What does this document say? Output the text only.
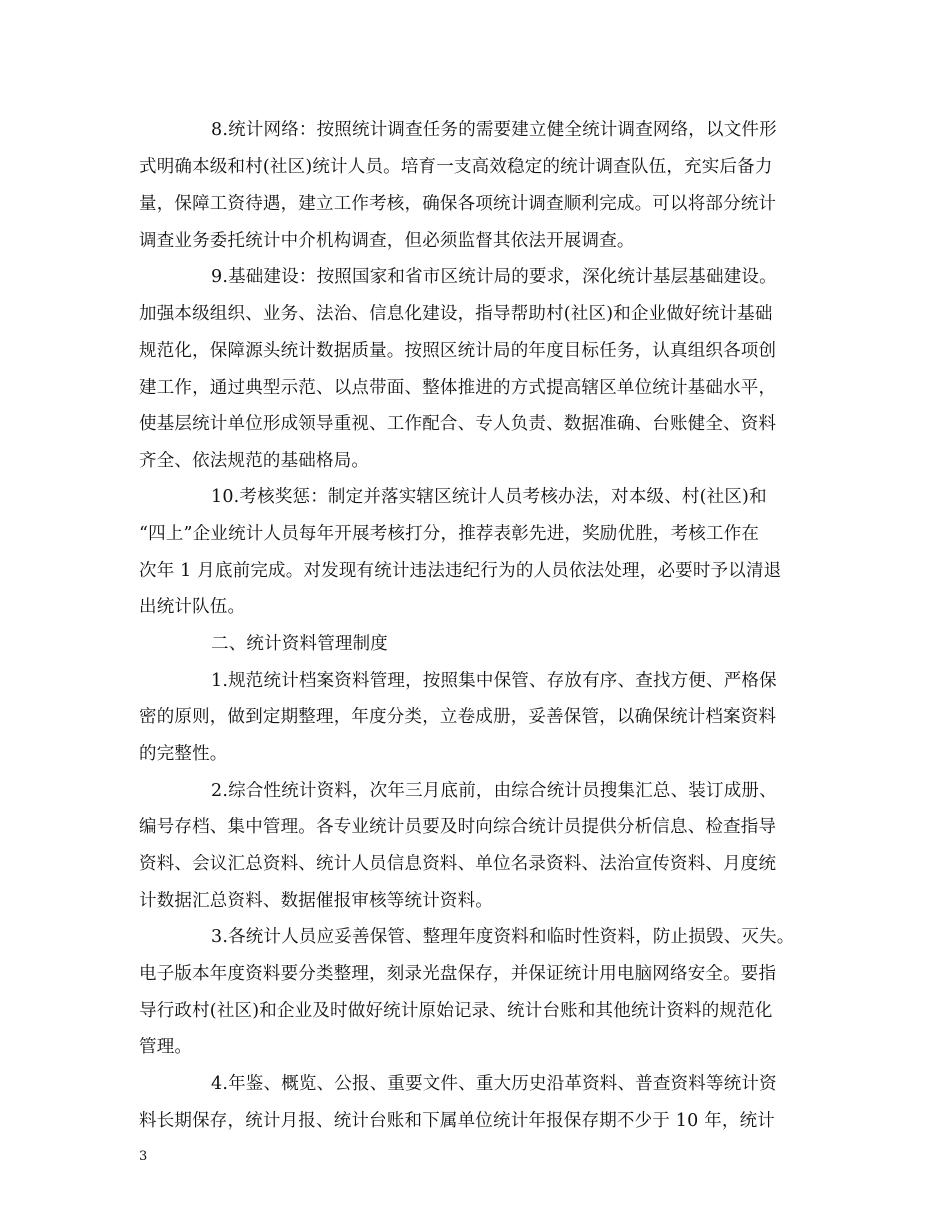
8.统计网络：按照统计调查任务的需要建立健全统计调查网络，以文件形
式明确本级和村(社区)统计人员。培育一支高效稳定的统计调查队伍，充实后备力
量，保障工资待遇，建立工作考核，确保各项统计调查顺利完成。可以将部分统计
调查业务委托统计中介机构调查，但必须监督其依法开展调查。
9.基础建设：按照国家和省市区统计局的要求，深化统计基层基础建设。
加强本级组织、业务、法治、信息化建设，指导帮助村(社区)和企业做好统计基础
规范化，保障源头统计数据质量。按照区统计局的年度目标任务，认真组织各项创
建工作，通过典型示范、以点带面、整体推进的方式提高辖区单位统计基础水平，
使基层统计单位形成领导重视、工作配合、专人负责、数据准确、台账健全、资料
齐全、依法规范的基础格局。
10.考核奖惩：制定并落实辖区统计人员考核办法，对本级、村(社区)和
“四上”企业统计人员每年开展考核打分，推荐表彰先进，奖励优胜，考核工作在
次年 1 月底前完成。对发现有统计违法违纪行为的人员依法处理，必要时予以清退
出统计队伍。
二、统计资料管理制度
1.规范统计档案资料管理，按照集中保管、存放有序、查找方便、严格保
密的原则，做到定期整理，年度分类，立卷成册，妥善保管，以确保统计档案资料
的完整性。
2.综合性统计资料，次年三月底前，由综合统计员搜集汇总、装订成册、
编号存档、集中管理。各专业统计员要及时向综合统计员提供分析信息、检查指导
资料、会议汇总资料、统计人员信息资料、单位名录资料、法治宣传资料、月度统
计数据汇总资料、数据催报审核等统计资料。
3.各统计人员应妥善保管、整理年度资料和临时性资料，防止损毁、灭失。
电子版本年度资料要分类整理，刻录光盘保存，并保证统计用电脑网络安全。要指
导行政村(社区)和企业及时做好统计原始记录、统计台账和其他统计资料的规范化
管理。
4.年鉴、概览、公报、重要文件、重大历史沿革资料、普查资料等统计资
料长期保存，统计月报、统计台账和下属单位统计年报保存期不少于 10 年，统计
3
